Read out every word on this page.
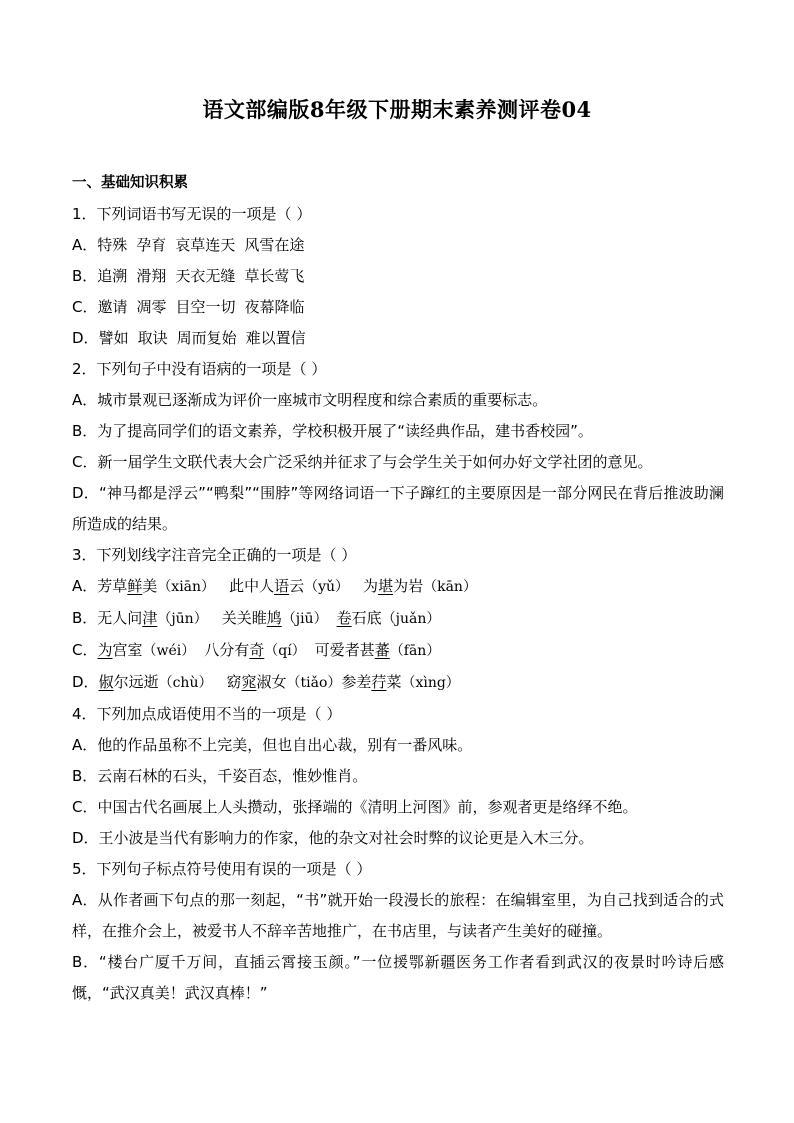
语文部编版8年级下册期末素养测评卷04
一、基础知识积累
1．下列词语书写无误的一项是（ ）
A．特殊 孕育 哀草连天 风雪在途
B．追溯 滑翔 天衣无缝 草长莺飞
C．邀请 凋零 目空一切 夜幕降临
D．譬如 取诀 周而复始 难以置信
2．下列句子中没有语病的一项是（ ）
A．城市景观已逐渐成为评价一座城市文明程度和综合素质的重要标志。
B．为了提高同学们的语文素养，学校积极开展了“读经典作品，建书香校园”。
C．新一届学生文联代表大会广泛采纳并征求了与会学生关于如何办好文学社团的意见。
D．“神马都是浮云”“鸭梨”“围脖”等网络词语一下子蹿红的主要原因是一部分网民在背后推波助澜所造成的结果。
3．下列划线字注音完全正确的一项是（ ）
A．芳草鲜美（xiān） 此中人语云（yǔ） 为堪为岩（kān）
B．无人问津（jūn） 关关睢鸠（jiū） 卷石底（juǎn）
C．为宫室（wéi） 八分有奇（qí） 可爱者甚蕃（fān）
D．俶尔远逝（chù） 窈窕淑女（tiǎo）参差荇菜（xìng）
4．下列加点成语使用不当的一项是（ ）
A．他的作品虽称不上完美，但也自出心裁，别有一番风味。
B．云南石林的石头，千姿百态，惟妙惟肖。
C．中国古代名画展上人头攒动，张择端的《清明上河图》前，参观者更是络绎不绝。
D．王小波是当代有影响力的作家，他的杂文对社会时弊的议论更是入木三分。
5．下列句子标点符号使用有误的一项是（ ）
A．从作者画下句点的那一刻起，“书”就开始一段漫长的旅程：在编辑室里，为自己找到适合的式样，在推介会上，被爱书人不辞辛苦地推广，在书店里，与读者产生美好的碰撞。
B．“楼台广厦千万间，直插云霄接玉颜。”一位援鄂新疆医务工作者看到武汉的夜景时吟诗后感慨，“武汉真美！武汉真棒！”
